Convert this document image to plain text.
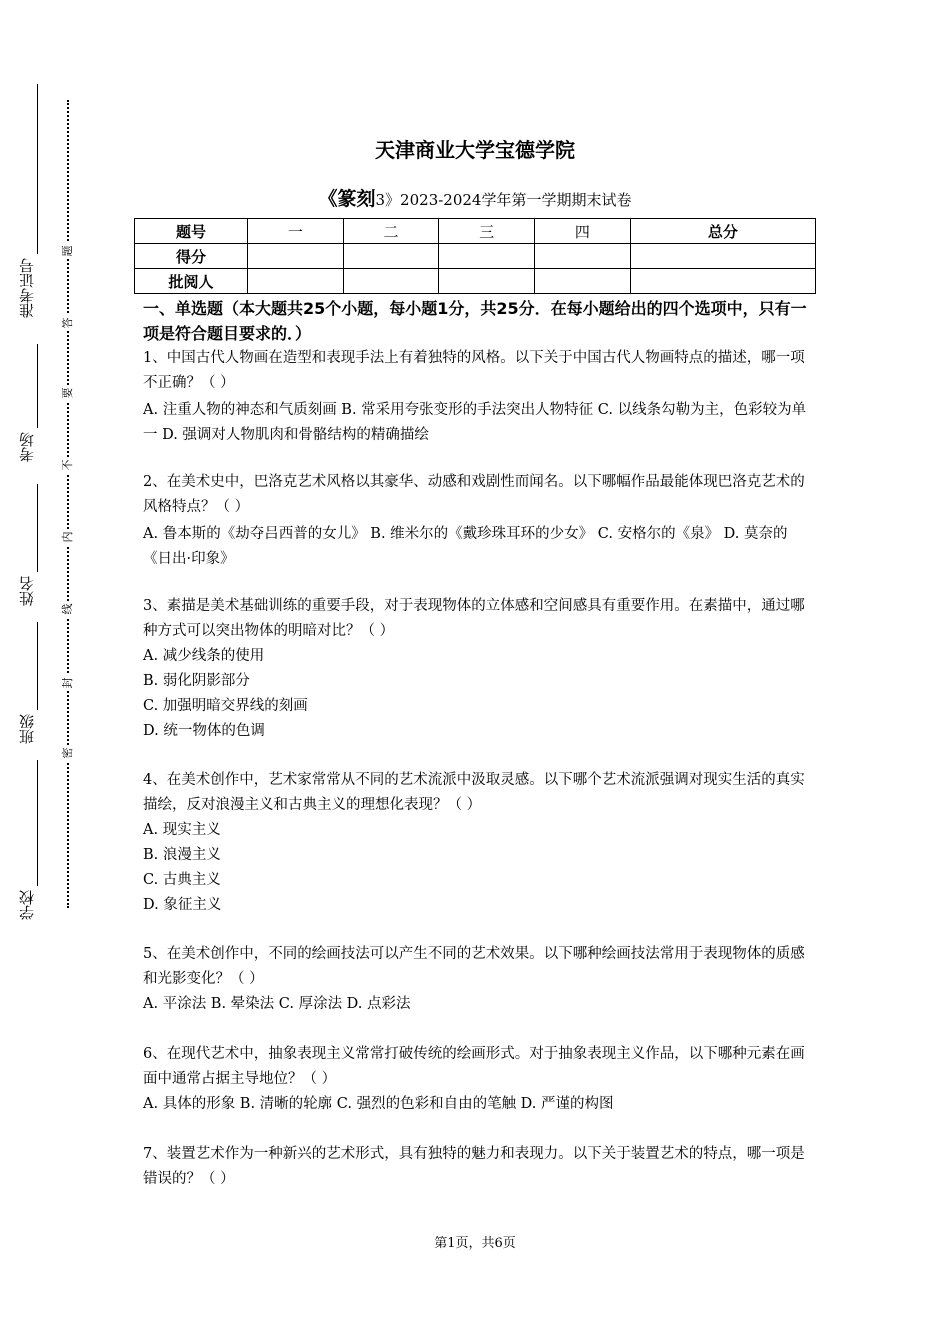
准考证号
考场
姓名
班级
学校
题
答
要
不
内
线
封
密
天津商业大学宝德学院
《篆刻3》2023-2024学年第一学期期末试卷
题号	一	二	三	四	总分
得分					
批阅人					
一、单选题（本大题共25个小题，每小题1分，共25分．在每小题给出的四个选项中，只有一项是符合题目要求的．）

1、中国古代人物画在造型和表现手法上有着独特的风格。以下关于中国古代人物画特点的描述，哪一项不正确？（ ）

A. 注重人物的神态和气质刻画 B. 常采用夸张变形的手法突出人物特征 C. 以线条勾勒为主，色彩较为单一 D. 强调对人物肌肉和骨骼结构的精确描绘

2、在美术史中，巴洛克艺术风格以其豪华、动感和戏剧性而闻名。以下哪幅作品最能体现巴洛克艺术的风格特点？（ ）

A. 鲁本斯的《劫夺吕西普的女儿》 B. 维米尔的《戴珍珠耳环的少女》 C. 安格尔的《泉》 D. 莫奈的《日出·印象》

3、素描是美术基础训练的重要手段，对于表现物体的立体感和空间感具有重要作用。在素描中，通过哪种方式可以突出物体的明暗对比？（ ）

A. 减少线条的使用

B. 弱化阴影部分

C. 加强明暗交界线的刻画

D. 统一物体的色调

4、在美术创作中，艺术家常常从不同的艺术流派中汲取灵感。以下哪个艺术流派强调对现实生活的真实描绘，反对浪漫主义和古典主义的理想化表现？（ ）

A. 现实主义

B. 浪漫主义

C. 古典主义

D. 象征主义

5、在美术创作中，不同的绘画技法可以产生不同的艺术效果。以下哪种绘画技法常用于表现物体的质感和光影变化？（ ）

A. 平涂法 B. 晕染法 C. 厚涂法 D. 点彩法

6、在现代艺术中，抽象表现主义常常打破传统的绘画形式。对于抽象表现主义作品，以下哪种元素在画面中通常占据主导地位？（ ）

A. 具体的形象 B. 清晰的轮廓 C. 强烈的色彩和自由的笔触 D. 严谨的构图

7、装置艺术作为一种新兴的艺术形式，具有独特的魅力和表现力。以下关于装置艺术的特点，哪一项是错误的？（ ）

第1页，共6页
